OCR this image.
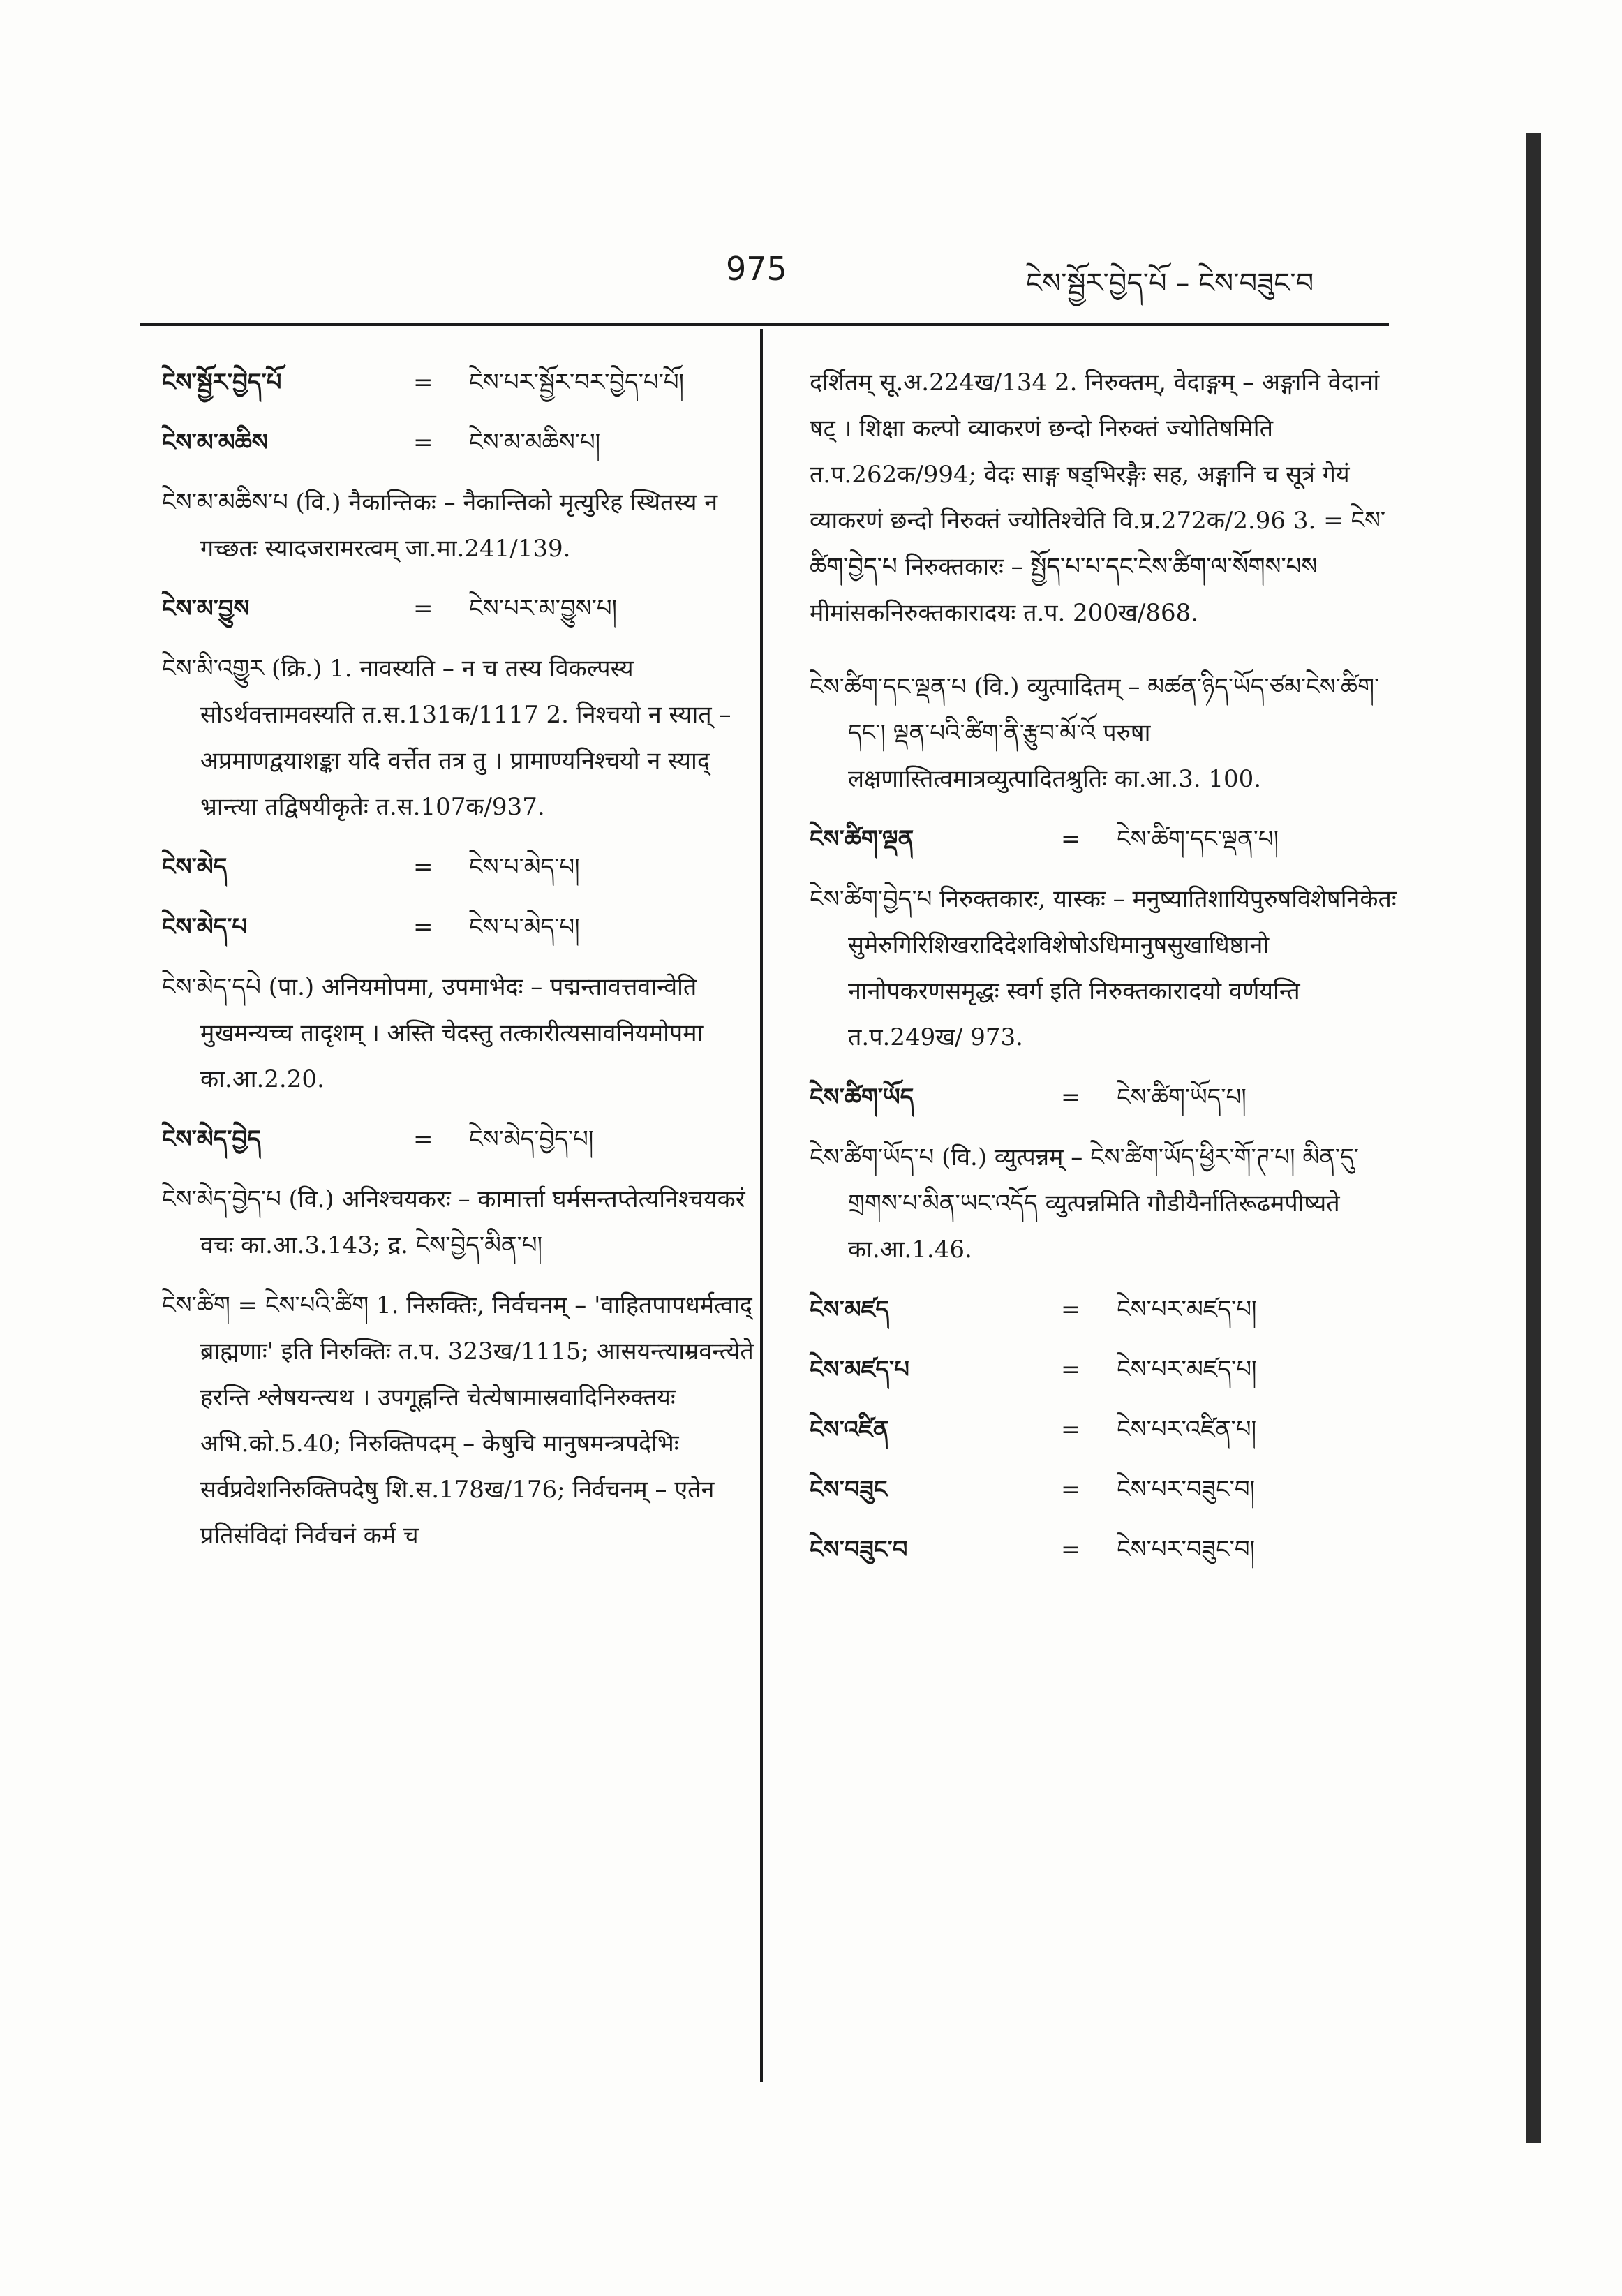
975	ངེས་སྦྱོར་བྱེད་པོ – ངེས་བཟུང་བ
ངེས་སྦྱོར་བྱེད་པོ	=	ངེས་པར་སྦྱོར་བར་བྱེད་པ་པོ།
ངེས་མ་མཆིས	=	ངེས་མ་མཆིས་པ།
ངེས་མ་མཆིས་པ (वि.) नैकान्तिकः – नैकान्तिको मृत्युरिह स्थितस्य न गच्छतः स्यादजरामरत्वम् जा.मा.241/139.
ངེས་མ་བྱུས	=	ངེས་པར་མ་བྱུས་པ།
ངེས་མི་འགྱུར (क्रि.) 1. नावस्यति – न च तस्य विकल्पस्य सोऽर्थवत्तामवस्यति त.स.131क/1117 2. निश्चयो न स्यात् – अप्रमाणद्वयाशङ्का यदि वर्त्तेत तत्र तु । प्रामाण्यनिश्चयो न स्याद् भ्रान्त्या तद्विषयीकृतेः त.स.107क/937.
ངེས་མེད	=	ངེས་པ་མེད་པ།
ངེས་མེད་པ	=	ངེས་པ་མེད་པ།
ངེས་མེད་དཔེ (पा.) अनियमोपमा, उपमाभेदः – पद्मन्तावत्तवान्वेति मुखमन्यच्च तादृशम् । अस्ति चेदस्तु तत्कारीत्यसावनियमोपमा का.आ.2.20.
ངེས་མེད་བྱེད	=	ངེས་མེད་བྱེད་པ།
ངེས་མེད་བྱེད་པ (वि.) अनिश्चयकरः – कामार्त्ता घर्मसन्तप्तेत्यनिश्चयकरं वचः का.आ.3.143; द्र. ངེས་བྱེད་མིན་པ།
ངེས་ཚིག = ངེས་པའི་ཚིག 1. निरुक्तिः, निर्वचनम् – 'वाहितपापधर्मत्वाद् ब्राह्मणाः' इति निरुक्तिः त.प. 323ख/1115; आसयन्त्याम्रवन्त्येते हरन्ति श्लेषयन्त्यथ । उपगूह्नन्ति चेत्येषामास्रवादिनिरुक्तयः अभि.को.5.40; निरुक्तिपदम् – केषुचि मानुषमन्त्रपदेभिः सर्वप्रवेशनिरुक्तिपदेषु शि.स.178ख/176; निर्वचनम् – एतेन प्रतिसंविदां निर्वचनं कर्म च
दर्शितम् सू.अ.224ख/134 2. निरुक्तम्, वेदाङ्गम् – अङ्गानि वेदानां षट् । शिक्षा कल्पो व्याकरणं छन्दो निरुक्तं ज्योतिषमिति त.प.262क/994; वेदः साङ्ग षड्भिरङ्गैः सह, अङ्गानि च सूत्रं गेयं व्याकरणं छन्दो निरुक्तं ज्योतिश्चेति वि.प्र.272क/2.96 3. = ངེས་ཚིག་བྱེད་པ निरुक्तकारः – སྤྱོད་པ་པ་དང་ངེས་ཚིག་ལ་སོགས་པས मीमांसकनिरुक्तकारादयः त.प. 200ख/868.
ངེས་ཚིག་དང་ལྡན་པ (वि.) व्युत्पादितम् – མཚན་ཉིད་ཡོད་ཙམ་ངེས་ཚིག་དང་། ལྡན་པའི་ཚིག་ནི་རྩུབ་མོ་འོ परुषा लक्षणास्तित्वमात्रव्युत्पादितश्रुतिः का.आ.3. 100.
ངེས་ཚིག་ལྡན	=	ངེས་ཚིག་དང་ལྡན་པ།
ངེས་ཚིག་བྱེད་པ निरुक्तकारः, यास्कः – मनुष्यातिशायिपुरुषविशेषनिकेतः सुमेरुगिरिशिखरादिदेशविशेषोऽधिमानुषसुखाधिष्ठानो नानोपकरणसमृद्धः स्वर्ग इति निरुक्तकारादयो वर्णयन्ति त.प.249ख/ 973.
ངེས་ཚིག་ཡོད	=	ངེས་ཚིག་ཡོད་པ།
ངེས་ཚིག་ཡོད་པ (वि.) व्युत्पन्नम् – ངེས་ཚིག་ཡོད་ཕྱིར་གོ་ཊ་པ། མིན་དུ་གྲགས་པ་མིན་ཡང་འདོད व्युत्पन्नमिति गौडीयैर्नातिरूढमपीष्यते का.आ.1.46.
ངེས་མཛད	=	ངེས་པར་མཛད་པ།
ངེས་མཛད་པ	=	ངེས་པར་མཛད་པ།
ངེས་འཛིན	=	ངེས་པར་འཛིན་པ།
ངེས་བཟུང	=	ངེས་པར་བཟུང་བ།
ངེས་བཟུང་བ	=	ངེས་པར་བཟུང་བ།
